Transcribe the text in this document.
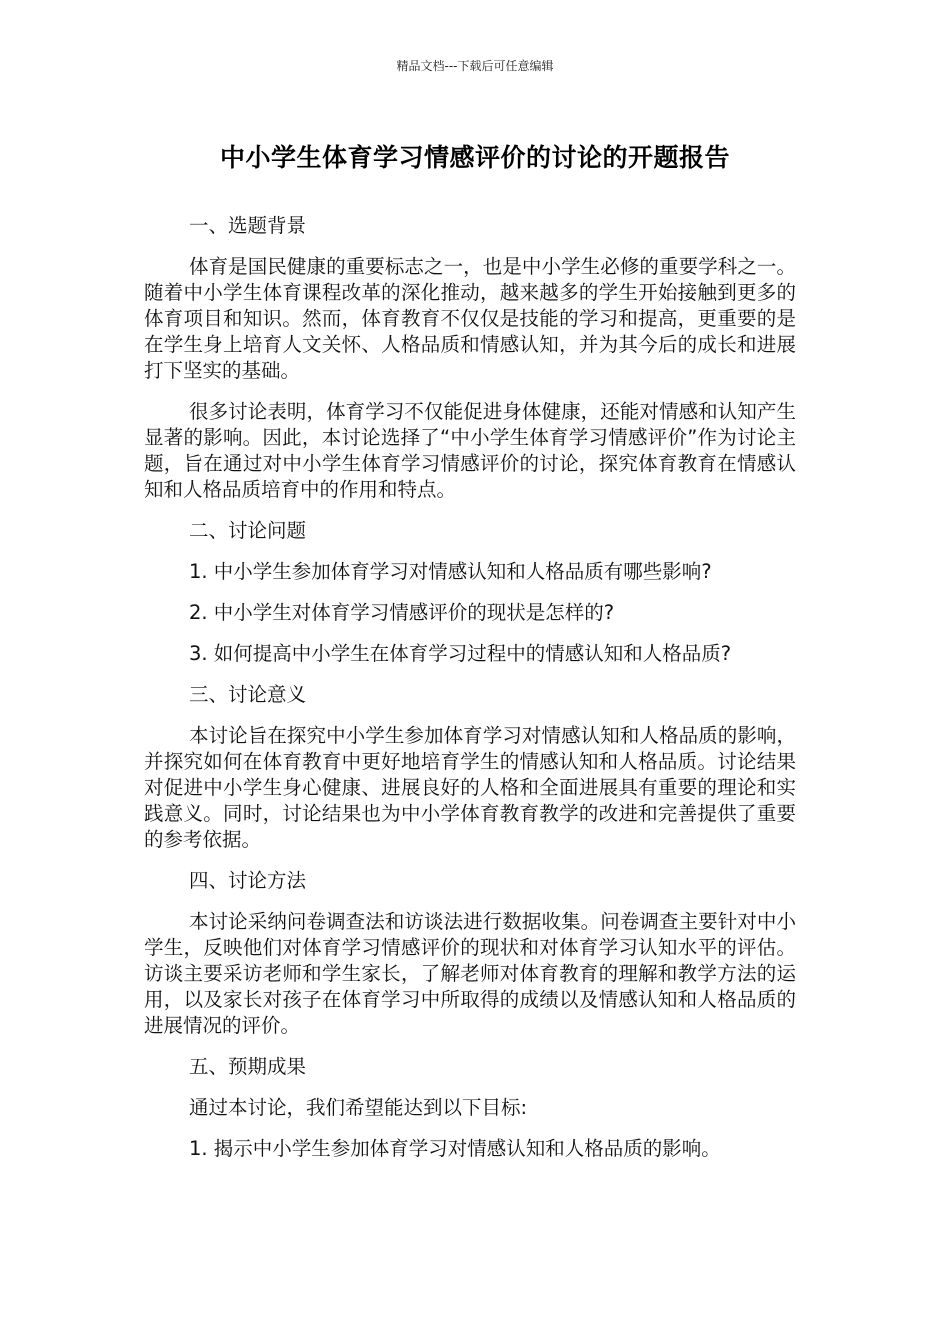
精品文档---下载后可任意编辑
中小学生体育学习情感评价的讨论的开题报告

一、选题背景

体育是国民健康的重要标志之一，也是中小学生必修的重要学科之一。随着中小学生体育课程改革的深化推动，越来越多的学生开始接触到更多的体育项目和知识。然而，体育教育不仅仅是技能的学习和提高，更重要的是在学生身上培育人文关怀、人格品质和情感认知，并为其今后的成长和进展打下坚实的基础。

很多讨论表明，体育学习不仅能促进身体健康，还能对情感和认知产生显著的影响。因此，本讨论选择了“中小学生体育学习情感评价”作为讨论主题，旨在通过对中小学生体育学习情感评价的讨论，探究体育教育在情感认知和人格品质培育中的作用和特点。

二、讨论问题

1. 中小学生参加体育学习对情感认知和人格品质有哪些影响?

2. 中小学生对体育学习情感评价的现状是怎样的?

3. 如何提高中小学生在体育学习过程中的情感认知和人格品质?

三、讨论意义

本讨论旨在探究中小学生参加体育学习对情感认知和人格品质的影响，并探究如何在体育教育中更好地培育学生的情感认知和人格品质。讨论结果对促进中小学生身心健康、进展良好的人格和全面进展具有重要的理论和实践意义。同时，讨论结果也为中小学体育教育教学的改进和完善提供了重要的参考依据。

四、讨论方法

本讨论采纳问卷调查法和访谈法进行数据收集。问卷调查主要针对中小学生，反映他们对体育学习情感评价的现状和对体育学习认知水平的评估。访谈主要采访老师和学生家长，了解老师对体育教育的理解和教学方法的运用，以及家长对孩子在体育学习中所取得的成绩以及情感认知和人格品质的进展情况的评价。

五、预期成果

通过本讨论，我们希望能达到以下目标:

1. 揭示中小学生参加体育学习对情感认知和人格品质的影响。
